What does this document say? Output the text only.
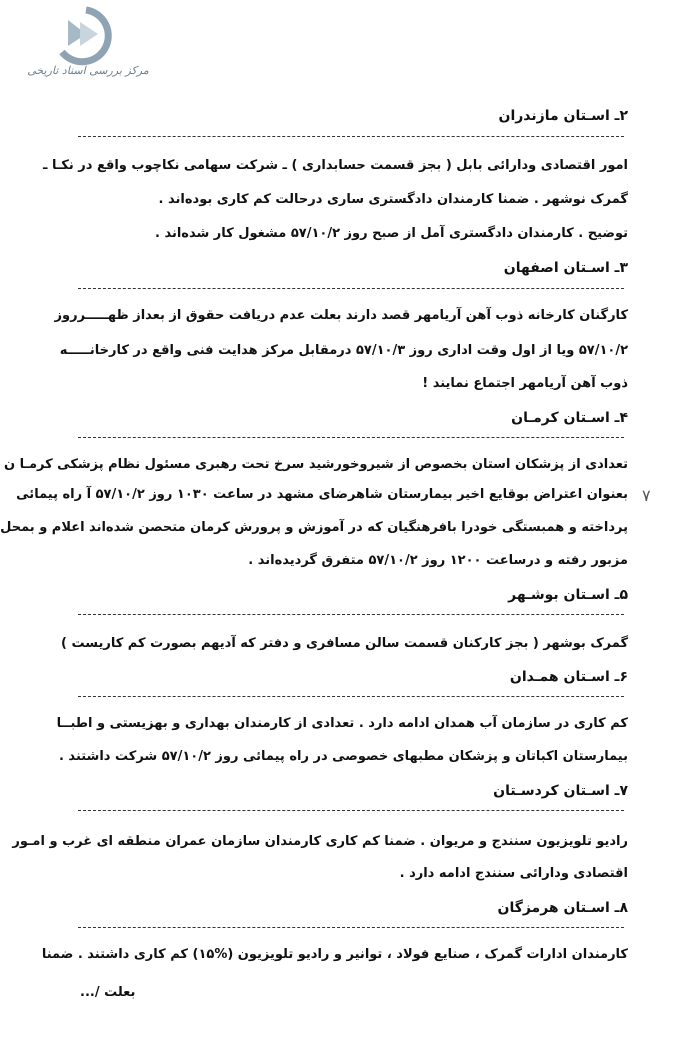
مرکز بررسی اسناد تاریخی
۲ـ اسـتان مازندران
امور اقتصادی ودارائی بابل ( بجز قسمت حسابداری ) ـ شرکت سهامی نکاچوب واقع در نکـا ـ
گمرک نوشهر . ضمنا کارمندان دادگستری ساری درحالت کم کاری بوده‌اند .
توضیح . کارمندان دادگستری آمل از صبح روز ۵۷/۱۰/۲ مشغول کار شده‌اند .
۳ـ اسـتان اصفهان
کارگنان کارخانه ذوب آهن آریامهر قصد دارند بعلت عدم دریافت حقوق از بعداز ظهـــــرروز
۵۷/۱۰/۲ ویا از اول وقت اداری روز ۵۷/۱۰/۳ درمقابل مرکز هدایت فنی واقع در کارخانـــــه
ذوب آهن آریامهر اجتماع نمایند !
۴ـ اسـتان کرمـان
تعدادی از پزشکان استان بخصوص از شیروخورشید سرخ تحت رهبری مسئول نظام پزشکی کرمـا ن
بعنوان اعتراض بوقایع اخیر بیمارستان شاهرضای مشهد در ساعت ۱۰۳۰ روز ۵۷/۱۰/۲ آ راه پیمائی
پرداخته و همبستگی خودرا بافرهنگیان که در آموزش و پرورش کرمان متحصن شده‌اند اعلام و بمحل
مزبور رفته و درساعت ۱۲۰۰ روز ۵۷/۱۰/۲ متفرق گردیده‌اند .
٧
۵ـ اسـتان بوشـهر
گمرک بوشهر ( بجز کارکنان قسمت سالن مسافری و دفتر که آدیهم بصورت کم کاریست )
۶ـ اسـتان همـدان
کم کاری در سازمان آب همدان ادامه دارد . تعدادی از کارمندان بهداری و بهزیستی و اطبــا
بیمارستان اکباتان و پزشکان مطبهای خصوصی در راه پیمائی روز ۵۷/۱۰/۲ شرکت داشتند .
۷ـ اسـتان کردسـتان
رادیو تلویزیون سنندج و مریوان . ضمنا کم کاری کارمندان سازمان عمران منطقه ای غرب و امـور
اقتصادی ودارائی سنندج ادامه دارد .
۸ـ اسـتان هرمزگان
کارمندان ادارات گمرک ، صنایع فولاد ، توانیر و رادیو تلویزیون (%۱۵) کم کاری داشتند . ضمنا
بعلت /...
